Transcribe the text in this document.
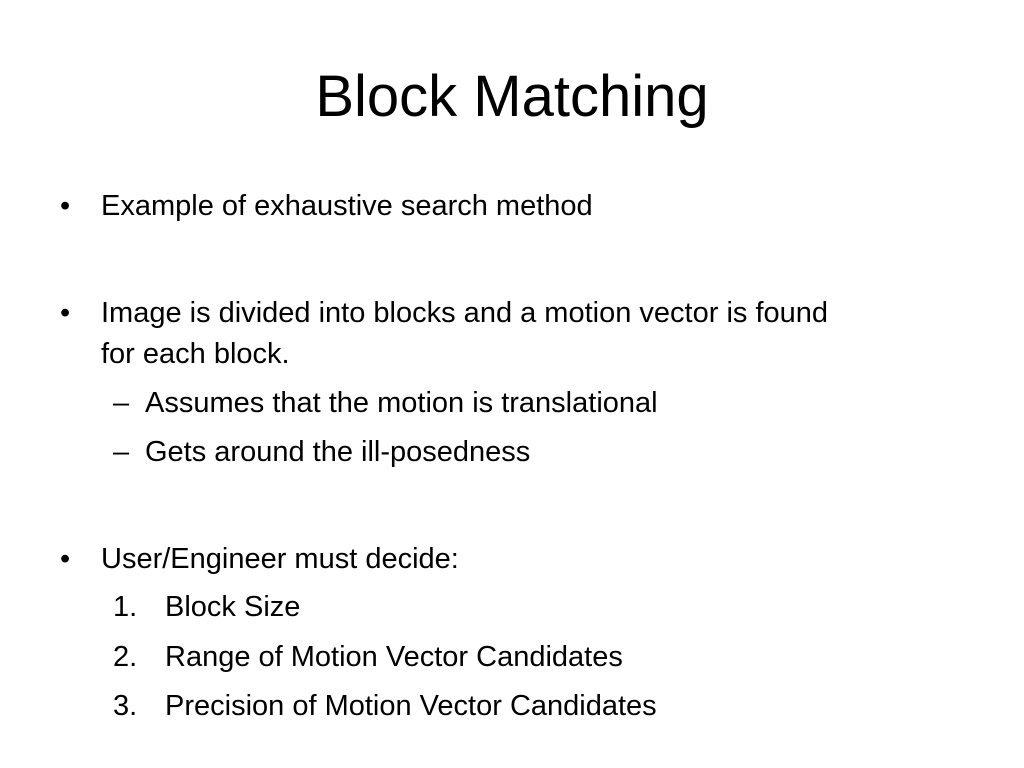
Block Matching
• Example of exhaustive search method
• Image is divided into blocks and a motion vector is found
for each block.
– Assumes that the motion is translational
– Gets around the ill-posedness
• User/Engineer must decide:
1. Block Size
2. Range of Motion Vector Candidates
3. Precision of Motion Vector Candidates
